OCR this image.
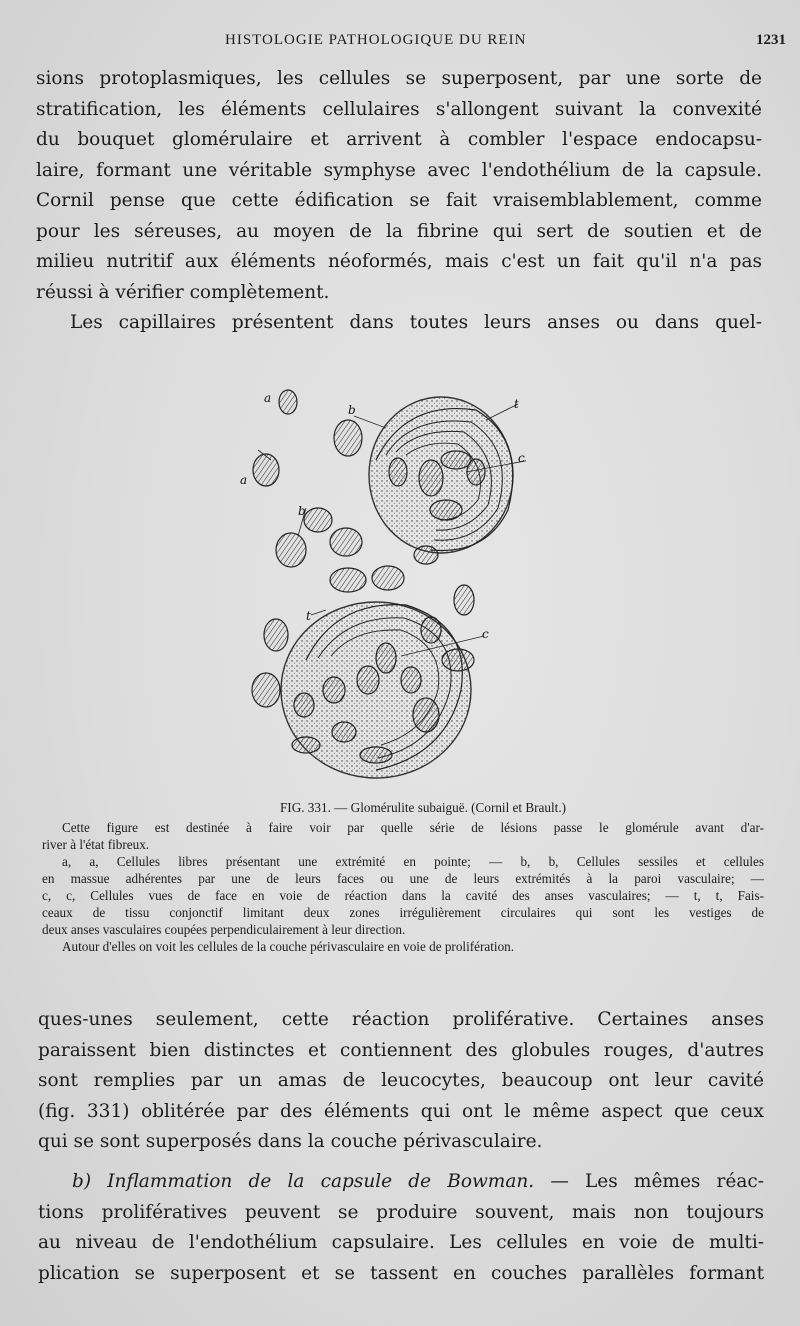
HISTOLOGIE PATHOLOGIQUE DU REIN	1231
sions protoplasmiques, les cellules se superposent, par une sorte de
stratification, les éléments cellulaires s'allongent suivant la convexité
du bouquet glomérulaire et arrivent à combler l'espace endocapsu-
laire, formant une véritable symphyse avec l'endothélium de la capsule.
Cornil pense que cette édification se fait vraisemblablement, comme
pour les séreuses, au moyen de la fibrine qui sert de soutien et de
milieu nutritif aux éléments néoformés, mais c'est un fait qu'il n'a pas
réussi à vérifier complètement.
Les capillaires présentent dans toutes leurs anses ou dans quel-
a
a
b
b
t
t
c
c
FIG. 331. — Glomérulite subaiguë. (Cornil et Brault.)
Cette figure est destinée à faire voir par quelle série de lésions passe le glomérule avant d'ar-
river à l'état fibreux.
a, a, Cellules libres présentant une extrémité en pointe; — b, b, Cellules sessiles et cellules
en massue adhérentes par une de leurs faces ou une de leurs extrémités à la paroi vasculaire; —
c, c, Cellules vues de face en voie de réaction dans la cavité des anses vasculaires; — t, t, Fais-
ceaux de tissu conjonctif limitant deux zones irrégulièrement circulaires qui sont les vestiges de
deux anses vasculaires coupées perpendiculairement à leur direction.
Autour d'elles on voit les cellules de la couche périvasculaire en voie de prolifération.
ques-unes seulement, cette réaction proliférative. Certaines anses
paraissent bien distinctes et contiennent des globules rouges, d'autres
sont remplies par un amas de leucocytes, beaucoup ont leur cavité
(fig. 331) oblitérée par des éléments qui ont le même aspect que ceux
qui se sont superposés dans la couche périvasculaire.
b) Inflammation de la capsule de Bowman. — Les mêmes réac-
tions prolifératives peuvent se produire souvent, mais non toujours
au niveau de l'endothélium capsulaire. Les cellules en voie de multi-
plication se superposent et se tassent en couches parallèles formant
